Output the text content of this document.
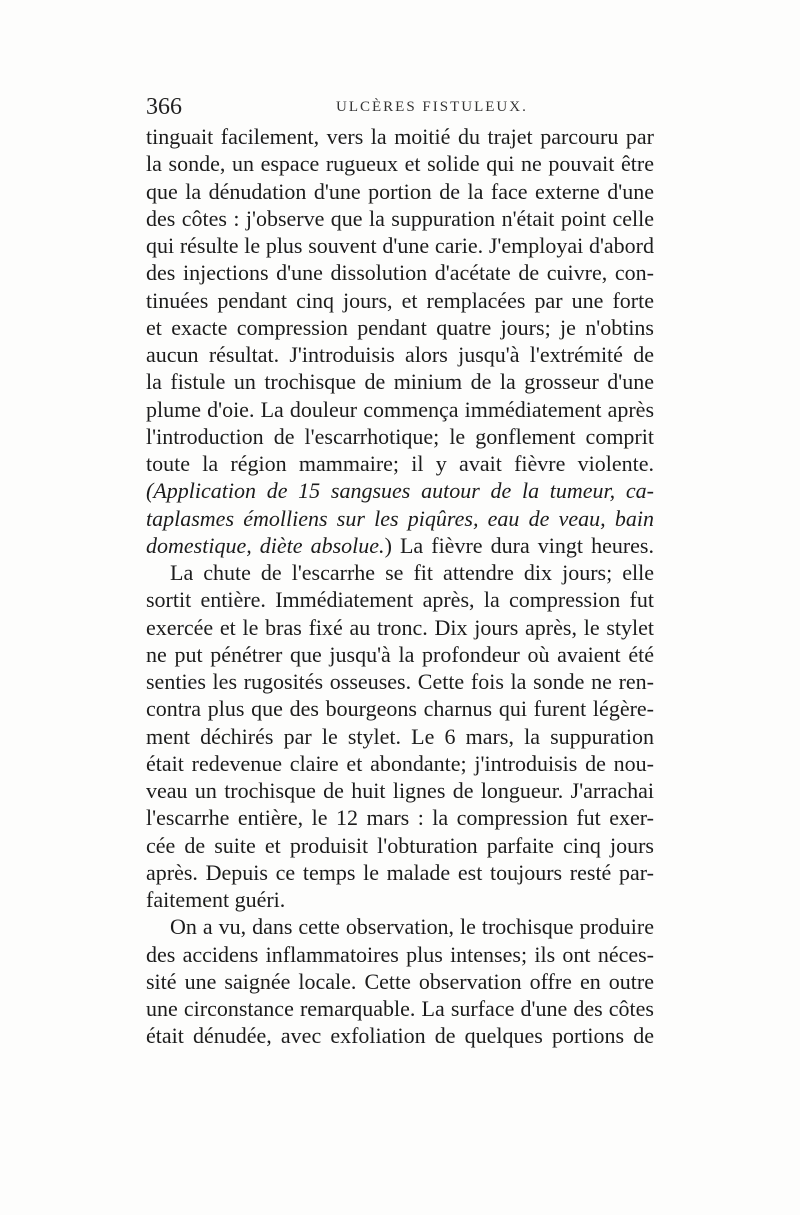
366	ULCÈRES FISTULEUX.
tinguait facilement, vers la moitié du trajet parcouru par
la sonde, un espace rugueux et solide qui ne pouvait être
que la dénudation d'une portion de la face externe d'une
des côtes : j'observe que la suppuration n'était point celle
qui résulte le plus souvent d'une carie. J'employai d'abord
des injections d'une dissolution d'acétate de cuivre, con-
tinuées pendant cinq jours, et remplacées par une forte
et exacte compression pendant quatre jours; je n'obtins
aucun résultat. J'introduisis alors jusqu'à l'extrémité de
la fistule un trochisque de minium de la grosseur d'une
plume d'oie. La douleur commença immédiatement après
l'introduction de l'escarrhotique; le gonflement comprit
toute la région mammaire; il y avait fièvre violente.
(Application de 15 sangsues autour de la tumeur, ca-
taplasmes émolliens sur les piqûres, eau de veau, bain
domestique, diète absolue.) La fièvre dura vingt heures.
La chute de l'escarrhe se fit attendre dix jours; elle
sortit entière. Immédiatement après, la compression fut
exercée et le bras fixé au tronc. Dix jours après, le stylet
ne put pénétrer que jusqu'à la profondeur où avaient été
senties les rugosités osseuses. Cette fois la sonde ne ren-
contra plus que des bourgeons charnus qui furent légère-
ment déchirés par le stylet. Le 6 mars, la suppuration
était redevenue claire et abondante; j'introduisis de nou-
veau un trochisque de huit lignes de longueur. J'arrachai
l'escarrhe entière, le 12 mars : la compression fut exer-
cée de suite et produisit l'obturation parfaite cinq jours
après. Depuis ce temps le malade est toujours resté par-
faitement guéri.
On a vu, dans cette observation, le trochisque produire
des accidens inflammatoires plus intenses; ils ont néces-
sité une saignée locale. Cette observation offre en outre
une circonstance remarquable. La surface d'une des côtes
était dénudée, avec exfoliation de quelques portions de
